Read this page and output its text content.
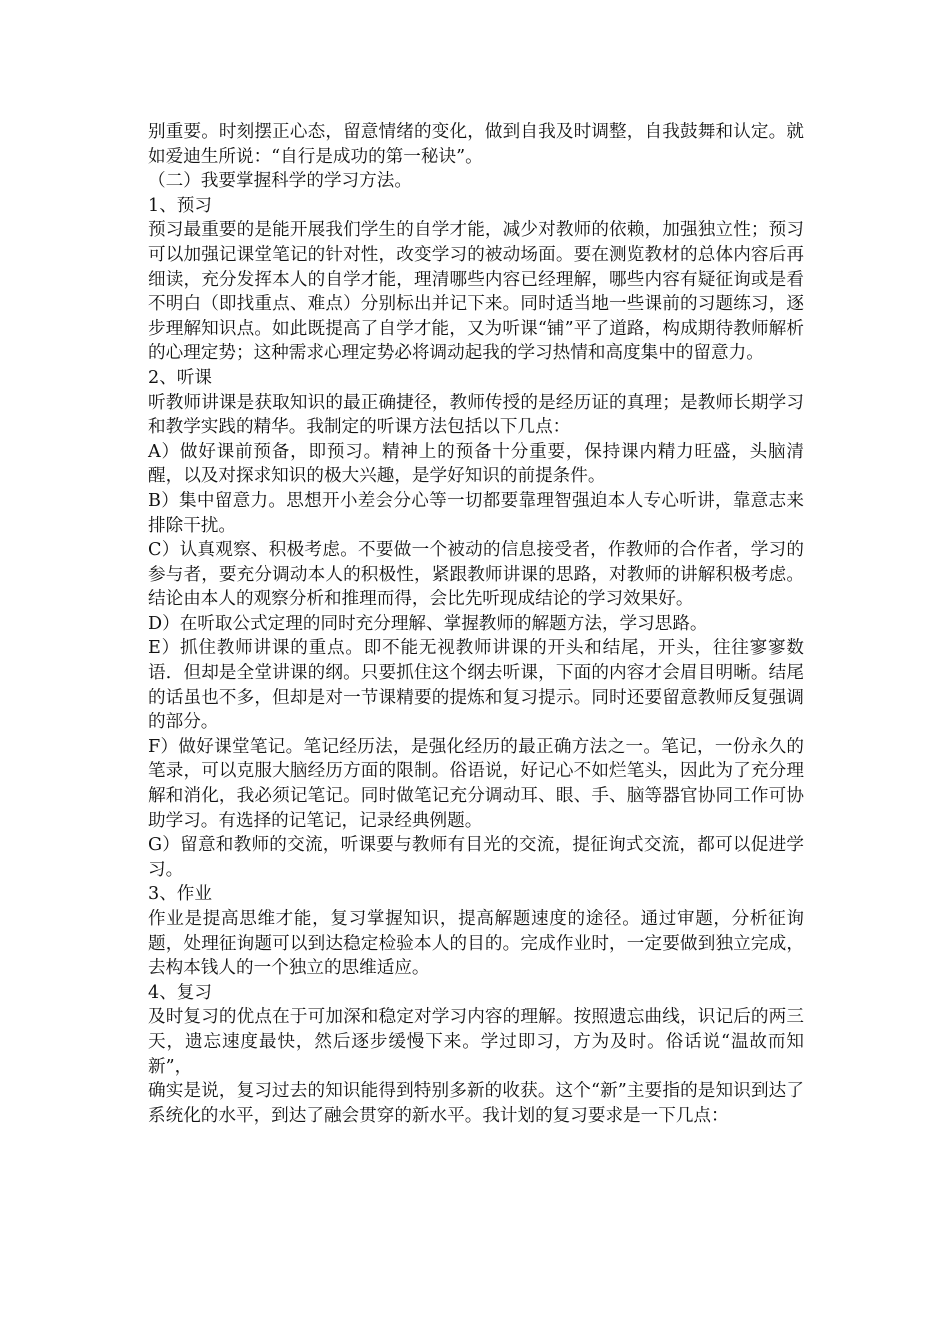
别重要。时刻摆正心态，留意情绪的变化，做到自我及时调整，自我鼓舞和认定。就如爱迪生所说：“自行是成功的第一秘诀”。

（二）我要掌握科学的学习方法。

1、预习

预习最重要的是能开展我们学生的自学才能，减少对教师的依赖，加强独立性；预习可以加强记课堂笔记的针对性，改变学习的被动场面。要在测览教材的总体内容后再细读，充分发挥本人的自学才能，理清哪些内容已经理解，哪些内容有疑征询或是看不明白（即找重点、难点）分别标出并记下来。同时适当地一些课前的习题练习，逐步理解知识点。如此既提高了自学才能，又为听课“铺”平了道路，构成期待教师解析的心理定势；这种需求心理定势必将调动起我的学习热情和高度集中的留意力。

2、听课

听教师讲课是获取知识的最正确捷径，教师传授的是经历证的真理；是教师长期学习和教学实践的精华。我制定的听课方法包括以下几点：

A）做好课前预备，即预习。精神上的预备十分重要，保持课内精力旺盛，头脑清醒，以及对探求知识的极大兴趣，是学好知识的前提条件。

B）集中留意力。思想开小差会分心等一切都要靠理智强迫本人专心听讲，靠意志来排除干扰。

C）认真观察、积极考虑。不要做一个被动的信息接受者，作教师的合作者，学习的参与者，要充分调动本人的积极性，紧跟教师讲课的思路，对教师的讲解积极考虑。结论由本人的观察分析和推理而得，会比先听现成结论的学习效果好。

D）在听取公式定理的同时充分理解、掌握教师的解题方法，学习思路。

E）抓住教师讲课的重点。即不能无视教师讲课的开头和结尾，开头，往往寥寥数语．但却是全堂讲课的纲。只要抓住这个纲去听课，下面的内容才会眉目明晰。结尾的话虽也不多，但却是对一节课精要的提炼和复习提示。同时还要留意教师反复强调的部分。

F）做好课堂笔记。笔记经历法，是强化经历的最正确方法之一。笔记，一份永久的笔录，可以克服大脑经历方面的限制。俗语说，好记心不如烂笔头，因此为了充分理解和消化，我必须记笔记。同时做笔记充分调动耳、眼、手、脑等器官协同工作可协助学习。有选择的记笔记，记录经典例题。

G）留意和教师的交流，听课要与教师有目光的交流，提征询式交流，都可以促进学习。

3、作业

作业是提高思维才能，复习掌握知识，提高解题速度的途径。通过审题，分析征询题，处理征询题可以到达稳定检验本人的目的。完成作业时，一定要做到独立完成，去构本钱人的一个独立的思维适应。

4、复习

及时复习的优点在于可加深和稳定对学习内容的理解。按照遗忘曲线，识记后的两三天，遗忘速度最快，然后逐步缓慢下来。学过即习，方为及时。俗话说“温故而知新”，

确实是说，复习过去的知识能得到特别多新的收获。这个“新”主要指的是知识到达了系统化的水平，到达了融会贯穿的新水平。我计划的复习要求是一下几点：
